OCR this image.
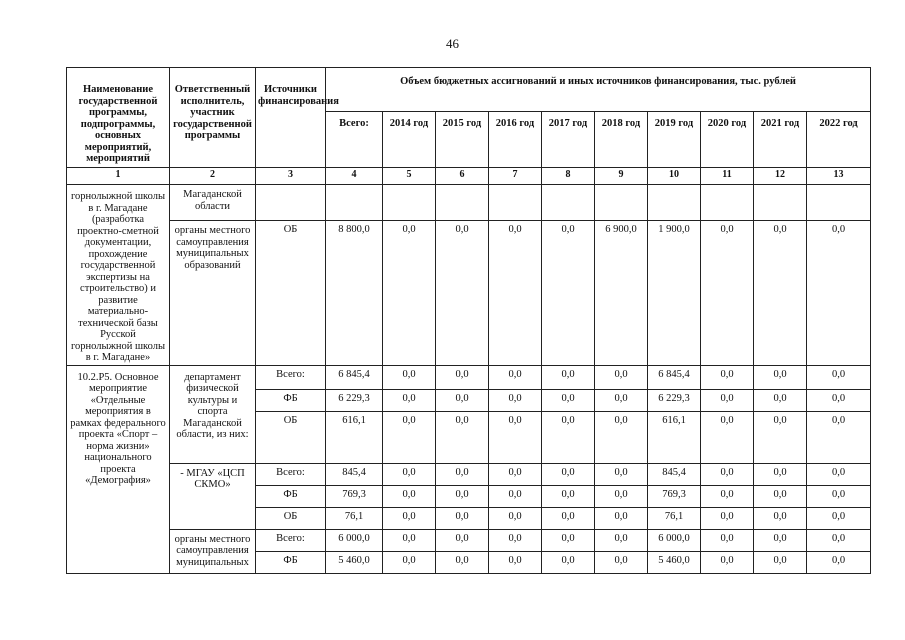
46
Наименование государственной программы, подпрограммы, основных мероприятий, мероприятий	Ответственный исполнитель, участник государственной программы	Источники финансирования	Объем бюджетных ассигнований и иных источников финансирования, тыс. рублей									
			Всего:	2014 год	2015 год	2016 год	2017 год	2018 год	2019 год	2020 год	2021 год	2022 год
1	2	3	4	5	6	7	8	9	10	11	12	13
горнолыжной школы в г. Магадане (разработка проектно-сметной документации, прохождение государственной экспертизы на строительство) и развитие материально-технической базы Русской горнолыжной школы в г. Магадане»	Магаданской области											
	органы местного самоуправления муниципальных образований	ОБ	8 800,0	0,0	0,0	0,0	0,0	6 900,0	1 900,0	0,0	0,0	0,0
10.2.Р5. Основное мероприятие «Отдельные мероприятия в рамках федерального проекта «Спорт – норма жизни» национального проекта «Демография»	департамент физической культуры и спорта Магаданской области, из них:	Всего:	6 845,4	0,0	0,0	0,0	0,0	0,0	6 845,4	0,0	0,0	0,0
		ФБ	6 229,3	0,0	0,0	0,0	0,0	0,0	6 229,3	0,0	0,0	0,0
		ОБ	616,1	0,0	0,0	0,0	0,0	0,0	616,1	0,0	0,0	0,0
	- МГАУ «ЦСП СКМО»	Всего:	845,4	0,0	0,0	0,0	0,0	0,0	845,4	0,0	0,0	0,0
		ФБ	769,3	0,0	0,0	0,0	0,0	0,0	769,3	0,0	0,0	0,0
		ОБ	76,1	0,0	0,0	0,0	0,0	0,0	76,1	0,0	0,0	0,0
	органы местного самоуправления муниципальных	Всего:	6 000,0	0,0	0,0	0,0	0,0	0,0	6 000,0	0,0	0,0	0,0
		ФБ	5 460,0	0,0	0,0	0,0	0,0	0,0	5 460,0	0,0	0,0	0,0
